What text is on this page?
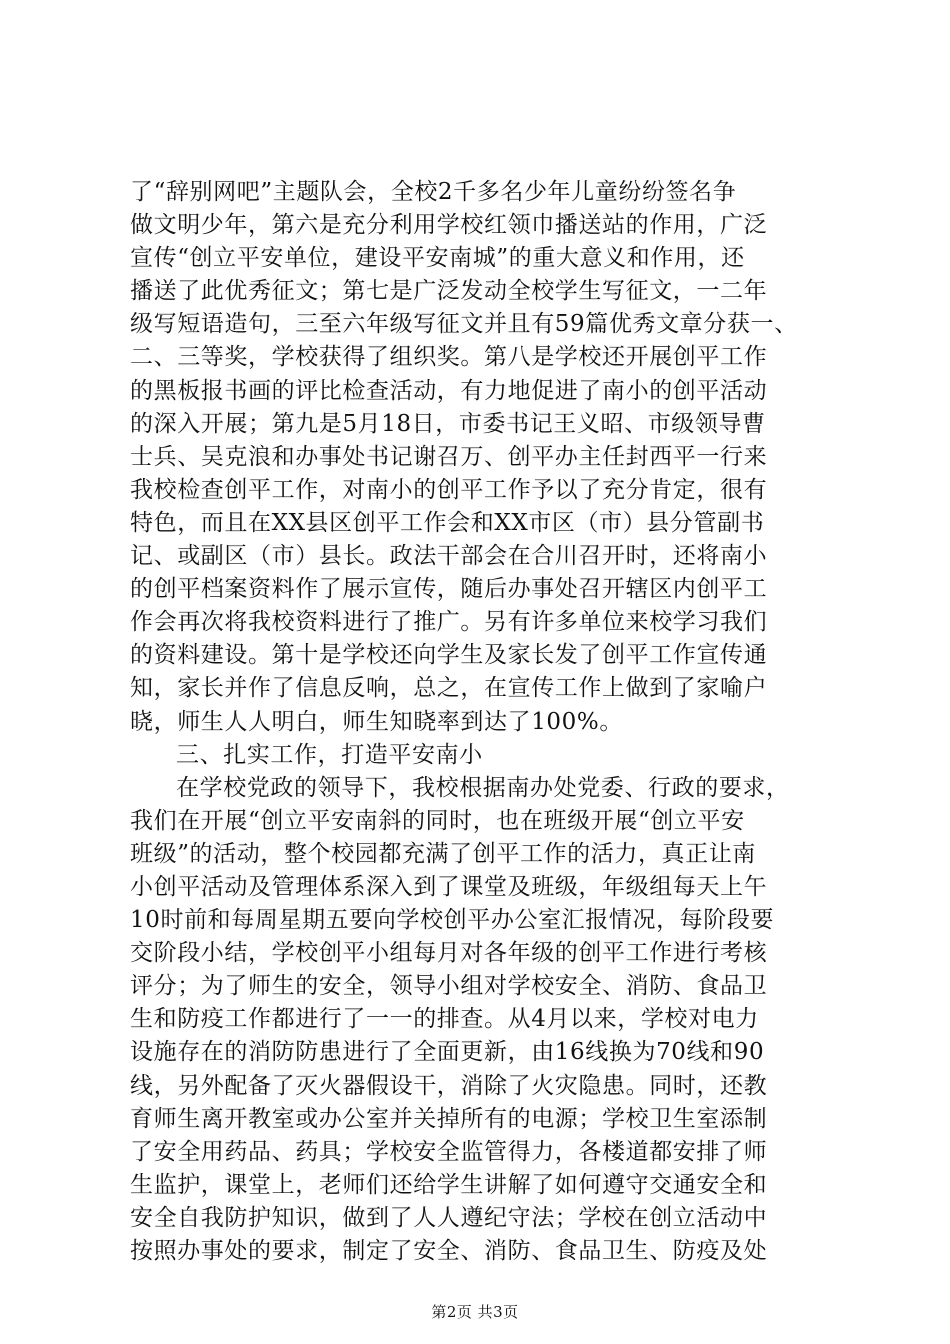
了“辞别网吧”主题队会，全校2千多名少年儿童纷纷签名争
做文明少年，第六是充分利用学校红领巾播送站的作用，广泛
宣传“创立平安单位，建设平安南城”的重大意义和作用，还
播送了此优秀征文；第七是广泛发动全校学生写征文，一二年
级写短语造句，三至六年级写征文并且有59篇优秀文章分获一、
二、三等奖，学校获得了组织奖。第八是学校还开展创平工作
的黑板报书画的评比检查活动，有力地促进了南小的创平活动
的深入开展；第九是5月18日，市委书记王义昭、市级领导曹
士兵、吴克浪和办事处书记谢召万、创平办主任封西平一行来
我校检查创平工作，对南小的创平工作予以了充分肯定，很有
特色，而且在XX县区创平工作会和XX市区（市）县分管副书
记、或副区（市）县长。政法干部会在合川召开时，还将南小
的创平档案资料作了展示宣传，随后办事处召开辖区内创平工
作会再次将我校资料进行了推广。另有许多单位来校学习我们
的资料建设。第十是学校还向学生及家长发了创平工作宣传通
知，家长并作了信息反响，总之，在宣传工作上做到了家喻户
晓，师生人人明白，师生知晓率到达了100%。
三、扎实工作，打造平安南小
在学校党政的领导下，我校根据南办处党委、行政的要求，
我们在开展“创立平安南斜的同时，也在班级开展“创立平安
班级”的活动，整个校园都充满了创平工作的活力，真正让南
小创平活动及管理体系深入到了课堂及班级，年级组每天上午
10时前和每周星期五要向学校创平办公室汇报情况，每阶段要
交阶段小结，学校创平小组每月对各年级的创平工作进行考核
评分；为了师生的安全，领导小组对学校安全、消防、食品卫
生和防疫工作都进行了一一的排查。从4月以来，学校对电力
设施存在的消防防患进行了全面更新，由16线换为70线和90
线，另外配备了灭火器假设干，消除了火灾隐患。同时，还教
育师生离开教室或办公室并关掉所有的电源；学校卫生室添制
了安全用药品、药具；学校安全监管得力，各楼道都安排了师
生监护，课堂上，老师们还给学生讲解了如何遵守交通安全和
安全自我防护知识，做到了人人遵纪守法；学校在创立活动中
按照办事处的要求，制定了安全、消防、食品卫生、防疫及处
第2页 共3页
